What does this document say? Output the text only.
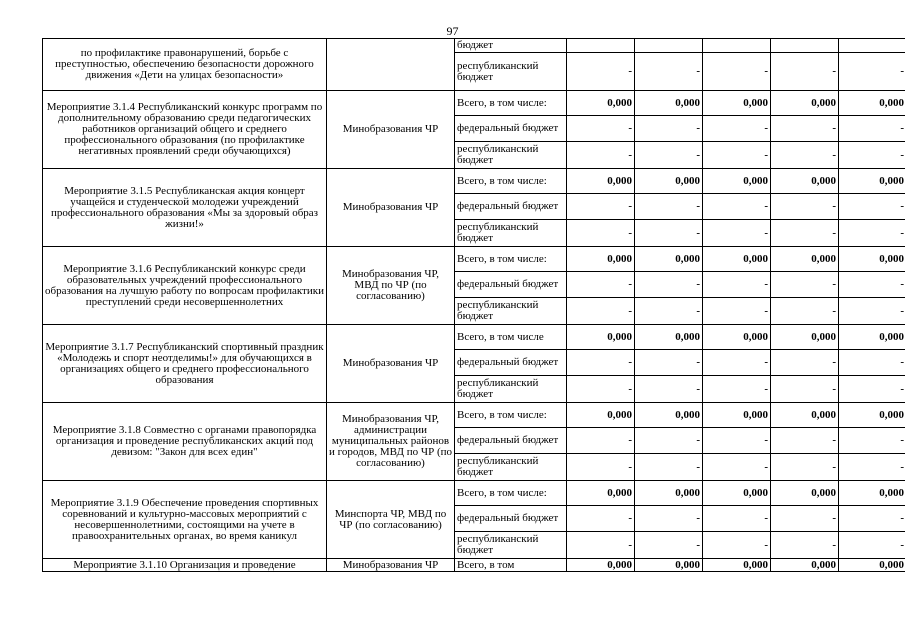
97
по профилактике правонарушений, борьбе с преступностью, обеспечению безопасности дорожного движения «Дети на улицах безопасности»		бюджет					
		республиканский бюджет	-	-	-	-	-
Мероприятие 3.1.4 Республиканский конкурс программ по дополнительному образованию среди педагогических работников организаций общего и среднего профессионального образования (по профилактике негативных проявлений среди обучающихся)	Минобразования ЧР	Всего, в том числе:	0,000	0,000	0,000	0,000	0,000
		федеральный бюджет	-	-	-	-	-
		республиканский бюджет	-	-	-	-	-
Мероприятие 3.1.5 Республиканская акция концерт учащейся и студенческой молодежи учреждений профессионального образования «Мы за здоровый образ жизни!»	Минобразования ЧР	Всего, в том числе:	0,000	0,000	0,000	0,000	0,000
		федеральный бюджет	-	-	-	-	-
		республиканский бюджет	-	-	-	-	-
Мероприятие 3.1.6 Республиканский конкурс среди образовательных учреждений профессионального образования на лучшую работу по вопросам профилактики преступлений среди несовершеннолетних	Минобразования ЧР, МВД по ЧР (по согласованию)	Всего, в том числе:	0,000	0,000	0,000	0,000	0,000
		федеральный бюджет	-	-	-	-	-
		республиканский бюджет	-	-	-	-	-
Мероприятие 3.1.7 Республиканский спортивный праздник «Молодежь и спорт неотделимы!» для обучающихся в организациях общего и среднего профессионального образования	Минобразования ЧР	Всего, в том числе	0,000	0,000	0,000	0,000	0,000
		федеральный бюджет	-	-	-	-	-
		республиканский бюджет	-	-	-	-	-
Мероприятие 3.1.8 Совместно с органами правопорядка организация и проведение республиканских акций под девизом: "Закон для всех един"	Минобразования ЧР, администрации муниципальных районов и городов, МВД по ЧР (по согласованию)	Всего, в том числе:	0,000	0,000	0,000	0,000	0,000
		федеральный бюджет	-	-	-	-	-
		республиканский бюджет	-	-	-	-	-
Мероприятие 3.1.9 Обеспечение проведения спортивных соревнований и культурно-массовых мероприятий с несовершеннолетними, состоящими на учете в правоохранительных органах, во время каникул	Минспорта ЧР, МВД по ЧР (по согласованию)	Всего, в том числе:	0,000	0,000	0,000	0,000	0,000
		федеральный бюджет	-	-	-	-	-
		республиканский бюджет	-	-	-	-	-
Мероприятие 3.1.10 Организация и проведение	Минобразования ЧР	Всего, в том	0,000	0,000	0,000	0,000	0,000
